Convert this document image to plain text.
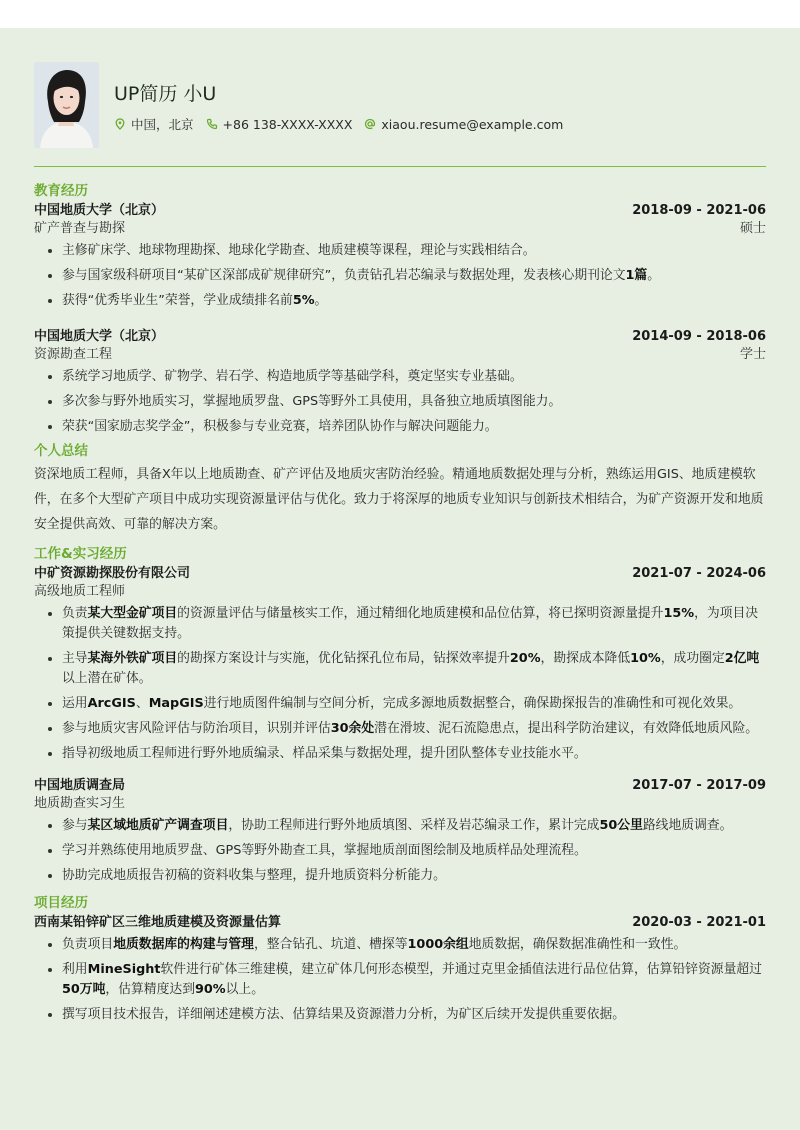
UP简历 小U
中国，北京 +86 138-XXXX-XXXX xiaou.resume@example.com
教育经历
中国地质大学（北京）	2018-09 - 2021-06
矿产普查与勘探	硕士
• 主修矿床学、地球物理勘探、地球化学勘查、地质建模等课程，理论与实践相结合。
• 参与国家级科研项目“某矿区深部成矿规律研究”，负责钻孔岩芯编录与数据处理，发表核心期刊论文1篇。
• 获得“优秀毕业生”荣誉，学业成绩排名前5%。
中国地质大学（北京）	2014-09 - 2018-06
资源勘查工程	学士
• 系统学习地质学、矿物学、岩石学、构造地质学等基础学科，奠定坚实专业基础。
• 多次参与野外地质实习，掌握地质罗盘、GPS等野外工具使用，具备独立地质填图能力。
• 荣获“国家励志奖学金”，积极参与专业竞赛，培养团队协作与解决问题能力。
个人总结
资深地质工程师，具备X年以上地质勘查、矿产评估及地质灾害防治经验。精通地质数据处理与分析，熟练运用GIS、地质建模软件，在多个大型矿产项目中成功实现资源量评估与优化。致力于将深厚的地质专业知识与创新技术相结合，为矿产资源开发和地质安全提供高效、可靠的解决方案。
工作&实习经历
中矿资源勘探股份有限公司	2021-07 - 2024-06
高级地质工程师
• 负责某大型金矿项目的资源量评估与储量核实工作，通过精细化地质建模和品位估算，将已探明资源量提升15%，为项目决策提供关键数据支持。
• 主导某海外铁矿项目的勘探方案设计与实施，优化钻探孔位布局，钻探效率提升20%，勘探成本降低10%，成功圈定2亿吨以上潜在矿体。
• 运用ArcGIS、MapGIS进行地质图件编制与空间分析，完成多源地质数据整合，确保勘探报告的准确性和可视化效果。
• 参与地质灾害风险评估与防治项目，识别并评估30余处潜在滑坡、泥石流隐患点，提出科学防治建议，有效降低地质风险。
• 指导初级地质工程师进行野外地质编录、样品采集与数据处理，提升团队整体专业技能水平。
中国地质调查局	2017-07 - 2017-09
地质勘查实习生
• 参与某区域地质矿产调查项目，协助工程师进行野外地质填图、采样及岩芯编录工作，累计完成50公里路线地质调查。
• 学习并熟练使用地质罗盘、GPS等野外勘查工具，掌握地质剖面图绘制及地质样品处理流程。
• 协助完成地质报告初稿的资料收集与整理，提升地质资料分析能力。
项目经历
西南某铅锌矿区三维地质建模及资源量估算	2020-03 - 2021-01
• 负责项目地质数据库的构建与管理，整合钻孔、坑道、槽探等1000余组地质数据，确保数据准确性和一致性。
• 利用MineSight软件进行矿体三维建模，建立矿体几何形态模型，并通过克里金插值法进行品位估算，估算铅锌资源量超过50万吨，估算精度达到90%以上。
• 撰写项目技术报告，详细阐述建模方法、估算结果及资源潜力分析，为矿区后续开发提供重要依据。
